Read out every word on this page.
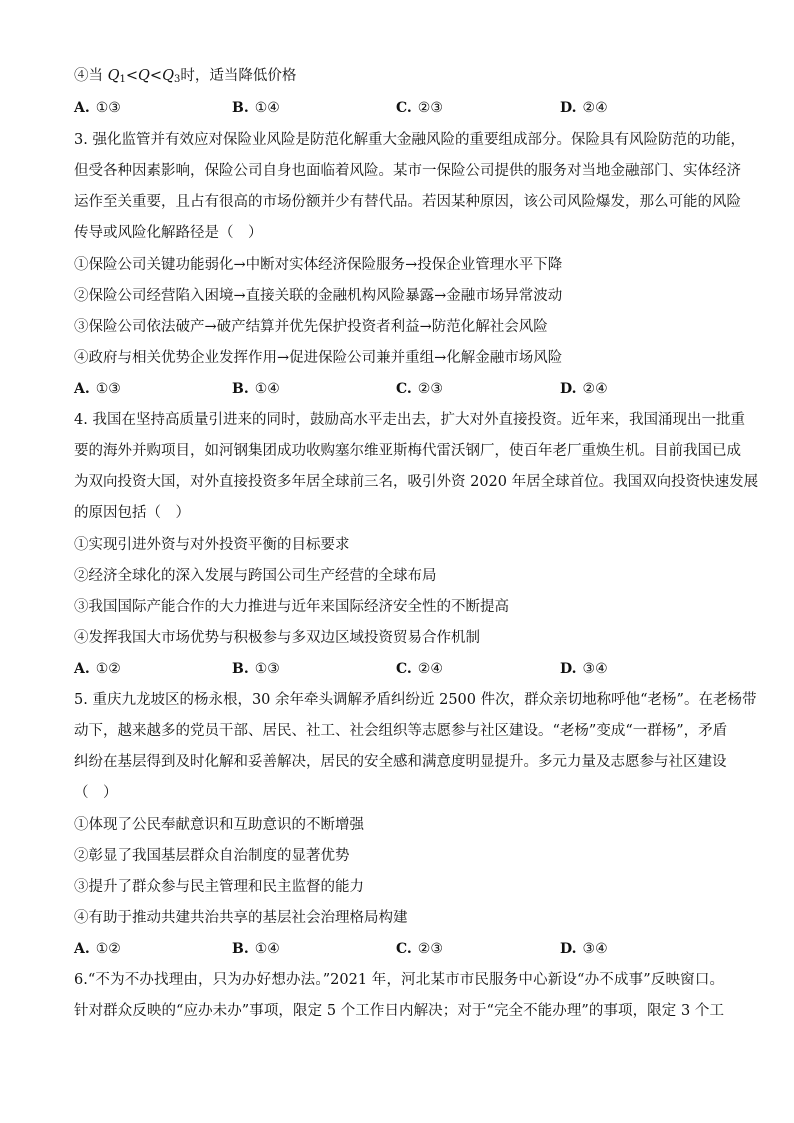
④当 $Q_1<Q<Q_3$时，适当降低价格
A. ①③	B. ①④	C. ②③	D. ②④
3. 强化监管并有效应对保险业风险是防范化解重大金融风险的重要组成部分。保险具有风险防范的功能，
但受各种因素影响，保险公司自身也面临着风险。某市一保险公司提供的服务对当地金融部门、实体经济
运作至关重要，且占有很高的市场份额并少有替代品。若因某种原因，该公司风险爆发，那么可能的风险
传导或风险化解路径是（　）
①保险公司关键功能弱化→中断对实体经济保险服务→投保企业管理水平下降
②保险公司经营陷入困境→直接关联的金融机构风险暴露→金融市场异常波动
③保险公司依法破产→破产结算并优先保护投资者利益→防范化解社会风险
④政府与相关优势企业发挥作用→促进保险公司兼并重组→化解金融市场风险
A. ①③	B. ①④	C. ②③	D. ②④
4. 我国在坚持高质量引进来的同时，鼓励高水平走出去，扩大对外直接投资。近年来，我国涌现出一批重
要的海外并购项目，如河钢集团成功收购塞尔维亚斯梅代雷沃钢厂，使百年老厂重焕生机。目前我国已成
为双向投资大国，对外直接投资多年居全球前三名，吸引外资 2020 年居全球首位。我国双向投资快速发展
的原因包括（　）
①实现引进外资与对外投资平衡的目标要求
②经济全球化的深入发展与跨国公司生产经营的全球布局
③我国国际产能合作的大力推进与近年来国际经济安全性的不断提高
④发挥我国大市场优势与积极参与多双边区域投资贸易合作机制
A. ①②	B. ①③	C. ②④	D. ③④
5. 重庆九龙坡区的杨永根，30 余年牵头调解矛盾纠纷近 2500 件次，群众亲切地称呼他“老杨”。在老杨带
动下，越来越多的党员干部、居民、社工、社会组织等志愿参与社区建设。“老杨”变成“一群杨”，矛盾
纠纷在基层得到及时化解和妥善解决，居民的安全感和满意度明显提升。多元力量及志愿参与社区建设
（　）
①体现了公民奉献意识和互助意识的不断增强
②彰显了我国基层群众自治制度的显著优势
③提升了群众参与民主管理和民主监督的能力
④有助于推动共建共治共享的基层社会治理格局构建
A. ①②	B. ①④	C. ②③	D. ③④
6.“不为不办找理由，只为办好想办法。”2021 年，河北某市市民服务中心新设“办不成事”反映窗口。
针对群众反映的“应办未办”事项，限定 5 个工作日内解决；对于“完全不能办理”的事项，限定 3 个工
